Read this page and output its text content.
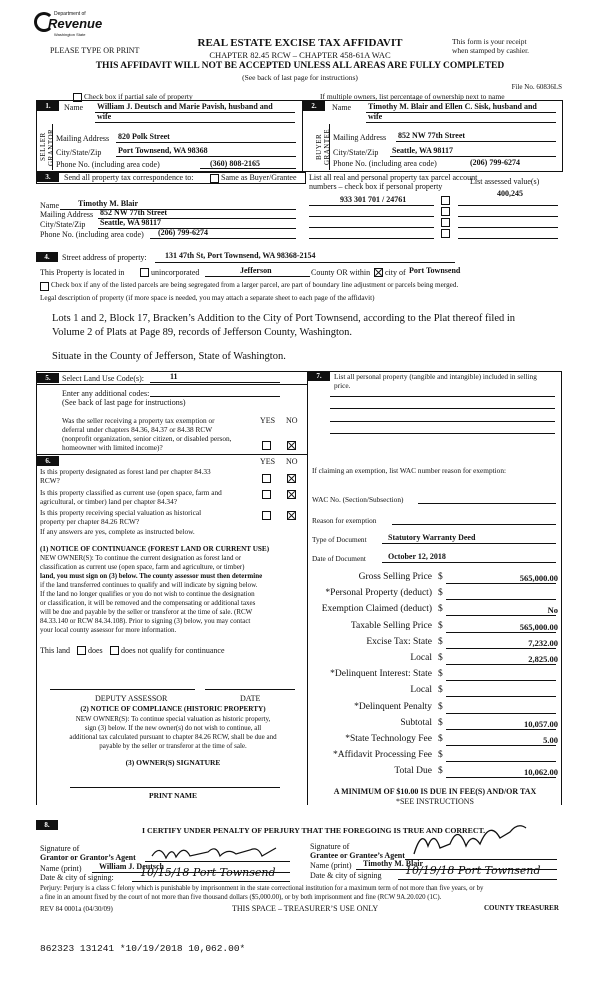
Department of
Revenue
Washington State
PLEASE TYPE OR PRINT
REAL ESTATE EXCISE TAX AFFIDAVIT
CHAPTER 82.45 RCW – CHAPTER 458-61A WAC
THIS AFFIDAVIT WILL NOT BE ACCEPTED UNLESS ALL AREAS ARE FULLY COMPLETED
(See back of last page for instructions)
This form is your receipt
when stamped by cashier.
File No. 60836LS
Check box if partial sale of property	If multiple owners, list percentage of ownership next to name
1.	Name William J. Deutsch and Marie Pavish, husband and
wife
SELLER GRANTOR Mailing Address 820 Polk Street
City/State/Zip Port Townsend, WA 98368
Phone No. (including area code)	(360) 808-2165
2.	Name Timothy M. Blair and Ellen C. Sisk, husband and
wife
BUYER GRANTEE Mailing Address 852 NW 77th Street
City/State/Zip Seattle, WA 98117
Phone No. (including area code)	(206) 799-6274
3.	Send all property tax correspondence to:	Same as Buyer/Grantee
Name Timothy M. Blair
Mailing Address 852 NW 77th Street
City/State/Zip Seattle, WA 98117
Phone No. (including area code) (206) 799-6274
List all real and personal property tax parcel account
numbers – check box if personal property
List assessed value(s)
400,245
933 301 701 / 24761
4.	Street address of property: 131 47th St, Port Townsend, WA 98368-2154
This Property is located in	unincorporated	Jefferson	County OR within city of Port Townsend
Check box if any of the listed parcels are being segregated from a larger parcel, are part of boundary line adjustment or parcels being merged.
Legal description of property (if more space is needed, you may attach a separate sheet to each page of the affidavit)
Lots 1 and 2, Block 17, Bracken’s Addition to the City of Port Townsend, according to the Plat thereof filed in
Volume 2 of Plats at Page 89, records of Jefferson County, Washington.
Situate in the County of Jefferson, State of Washington.
5.	Select Land Use Code(s):	11
Enter any additional codes:
(See back of last page for instructions)
YES NO
Was the seller receiving a property tax exemption or
deferral under chapters 84.36, 84.37 or 84.38 RCW
(nonprofit organization, senior citizen, or disabled person,
homeowner with limited income)?
6.	YES NO
Is this property designated as forest land per chapter 84.33
RCW?
Is this property classified as current use (open space, farm and
agricultural, or timber) land per chapter 84.34?
Is this property receiving special valuation as historical
property per chapter 84.26 RCW?
If any answers are yes, complete as instructed below.
(1) NOTICE OF CONTINUANCE (FOREST LAND OR CURRENT USE)
NEW OWNER(S): To continue the current designation as forest land or
classification as current use (open space, farm and agriculture, or timber)
land, you must sign on (3) below. The county assessor must then determine
if the land transferred continues to qualify and will indicate by signing below.
If the land no longer qualifies or you do not wish to continue the designation
or classification, it will be removed and the compensating or additional taxes
will be due and payable by the seller or transferor at the time of sale. (RCW
84.33.140 or RCW 84.34.108). Prior to signing (3) below, you may contact
your local county assessor for more information.
This land does does not qualify for continuance
DEPUTY ASSESSOR	DATE
(2) NOTICE OF COMPLIANCE (HISTORIC PROPERTY)
NEW OWNER(S): To continue special valuation as historic property,
sign (3) below. If the new owner(s) do not wish to continue, all
additional tax calculated pursuant to chapter 84.26 RCW, shall be due and
payable by the seller or transferor at the time of sale.
(3) OWNER(S) SIGNATURE
PRINT NAME
7.	List all personal property (tangible and intangible) included in selling
price.
If claiming an exemption, list WAC number reason for exemption:
WAC No. (Section/Subsection)
Reason for exemption
Type of Document	Statutory Warranty Deed
Date of Document	October 12, 2018
Gross Selling Price $	565,000.00
*Personal Property (deduct) $
Exemption Claimed (deduct) $	No
Taxable Selling Price $	565,000.00
Excise Tax: State $	7,232.00
Local $	2,825.00
*Delinquent Interest: State $
Local $
*Delinquent Penalty $
Subtotal $	10,057.00
*State Technology Fee $	5.00
*Affidavit Processing Fee $
Total Due $	10,062.00
A MINIMUM OF $10.00 IS DUE IN FEE(S) AND/OR TAX
*SEE INSTRUCTIONS
8.
I CERTIFY UNDER PENALTY OF PERJURY THAT THE FOREGOING IS TRUE AND CORRECT.
Signature of
Grantor or Grantor’s Agent
Name (print) William J. Deutsch
Date & city of signing: 10/15/18 Port Townsend
Signature of
Grantee or Grantee’s Agent
Name (print) Timothy M. Blair
Date & city of signing 10/19/18 Port Townsend
Perjury: Perjury is a class C felony which is punishable by imprisonment in the state correctional institution for a maximum term of not more than five years, or by
a fine in an amount fixed by the court of not more than five thousand dollars ($5,000.00), or by both imprisonment and fine (RCW 9A.20.020 (1C).
REV 84 0001a (04/30/09)	THIS SPACE – TREASURER’S USE ONLY	COUNTY TREASURER
862323 131241 *10/19/2018 10,062.00*
